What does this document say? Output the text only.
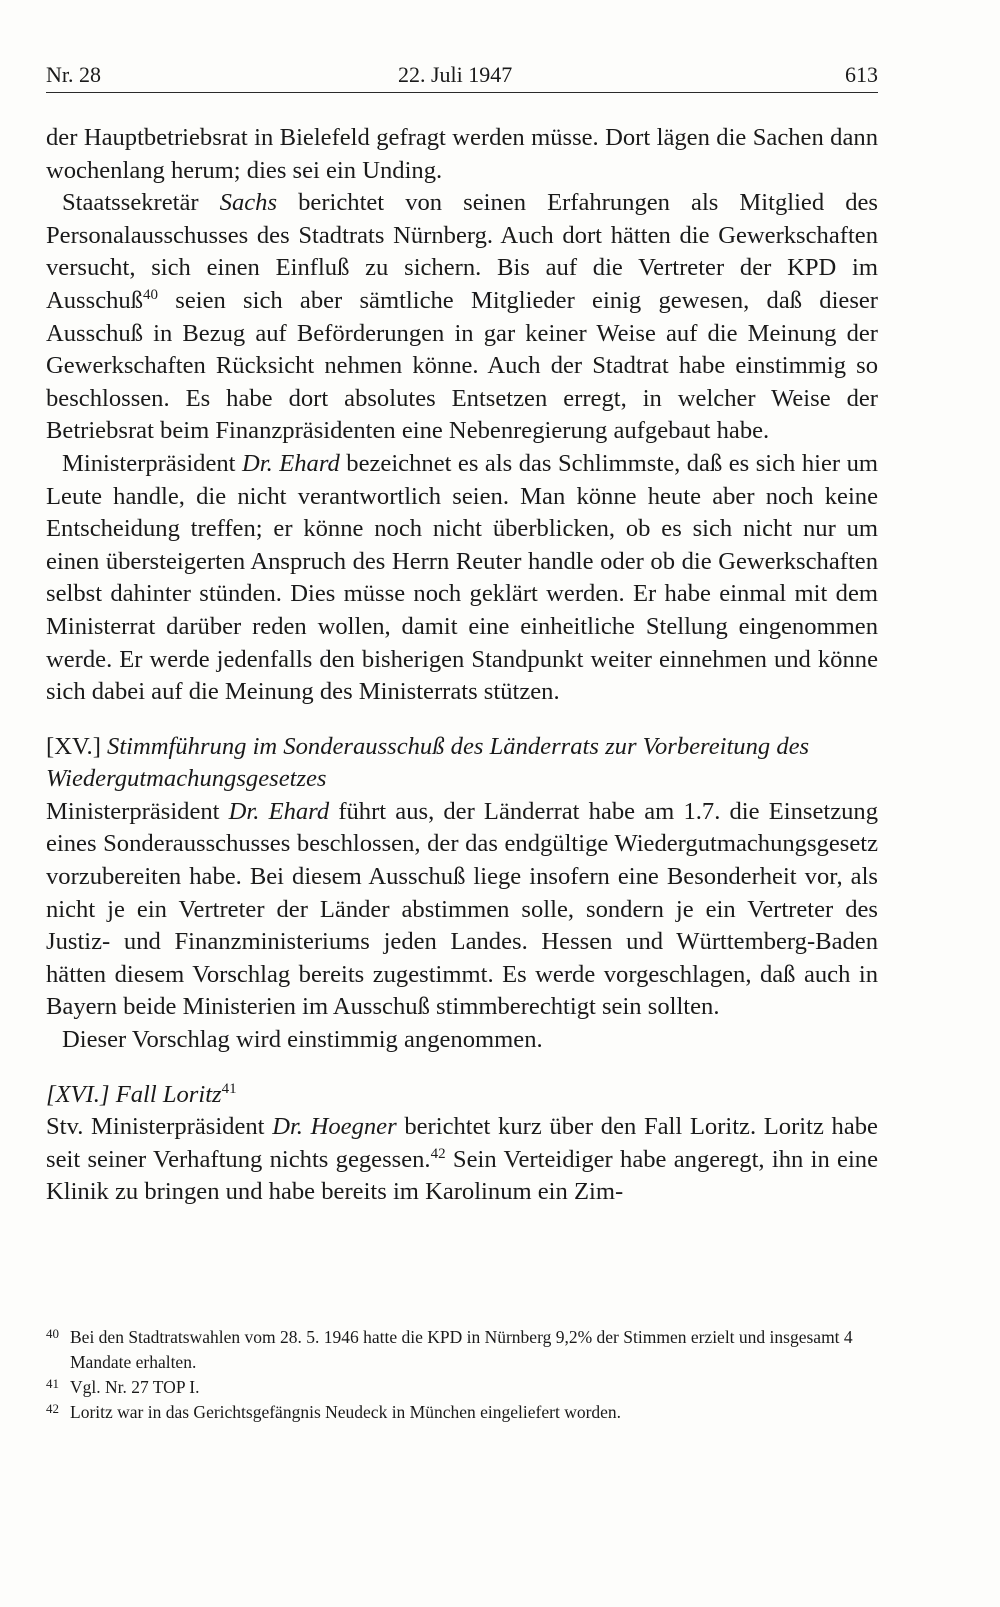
Nr. 28	22. Juli 1947	613

der Hauptbetriebsrat in Bielefeld gefragt werden müsse. Dort lägen die Sachen dann wochenlang herum; dies sei ein Unding.

Staatssekretär Sachs berichtet von seinen Erfahrungen als Mitglied des Personalausschusses des Stadtrats Nürnberg. Auch dort hätten die Gewerkschaften versucht, sich einen Einfluß zu sichern. Bis auf die Vertreter der KPD im Ausschuß$^{40}$ seien sich aber sämtliche Mitglieder einig gewesen, daß dieser Ausschuß in Bezug auf Beförderungen in gar keiner Weise auf die Meinung der Gewerkschaften Rücksicht nehmen könne. Auch der Stadtrat habe einstimmig so beschlossen. Es habe dort absolutes Entsetzen erregt, in welcher Weise der Betriebsrat beim Finanzpräsidenten eine Nebenregierung aufgebaut habe.

Ministerpräsident Dr. Ehard bezeichnet es als das Schlimmste, daß es sich hier um Leute handle, die nicht verantwortlich seien. Man könne heute aber noch keine Entscheidung treffen; er könne noch nicht überblicken, ob es sich nicht nur um einen übersteigerten Anspruch des Herrn Reuter handle oder ob die Gewerkschaften selbst dahinter stünden. Dies müsse noch geklärt werden. Er habe einmal mit dem Ministerrat darüber reden wollen, damit eine einheitliche Stellung eingenommen werde. Er werde jedenfalls den bisherigen Standpunkt weiter einnehmen und könne sich dabei auf die Meinung des Ministerrats stützen.

[XV.] Stimmführung im Sonderausschuß des Länderrats zur Vorbereitung des Wiedergutmachungsgesetzes

Ministerpräsident Dr. Ehard führt aus, der Länderrat habe am 1.7. die Einsetzung eines Sonderausschusses beschlossen, der das endgültige Wiedergutmachungsgesetz vorzubereiten habe. Bei diesem Ausschuß liege insofern eine Besonderheit vor, als nicht je ein Vertreter der Länder abstimmen solle, sondern je ein Vertreter des Justiz- und Finanzministeriums jeden Landes. Hessen und Württemberg-Baden hätten diesem Vorschlag bereits zugestimmt. Es werde vorgeschlagen, daß auch in Bayern beide Ministerien im Ausschuß stimmberechtigt sein sollten.

Dieser Vorschlag wird einstimmig angenommen.

[XVI.] Fall Loritz$^{41}$

Stv. Ministerpräsident Dr. Hoegner berichtet kurz über den Fall Loritz. Loritz habe seit seiner Verhaftung nichts gegessen.$^{42}$ Sein Verteidiger habe angeregt, ihn in eine Klinik zu bringen und habe bereits im Karolinum ein Zim-

40 Bei den Stadtratswahlen vom 28. 5. 1946 hatte die KPD in Nürnberg 9,2% der Stimmen erzielt und insgesamt 4 Mandate erhalten.
41 Vgl. Nr. 27 TOP I.
42 Loritz war in das Gerichtsgefängnis Neudeck in München eingeliefert worden.
